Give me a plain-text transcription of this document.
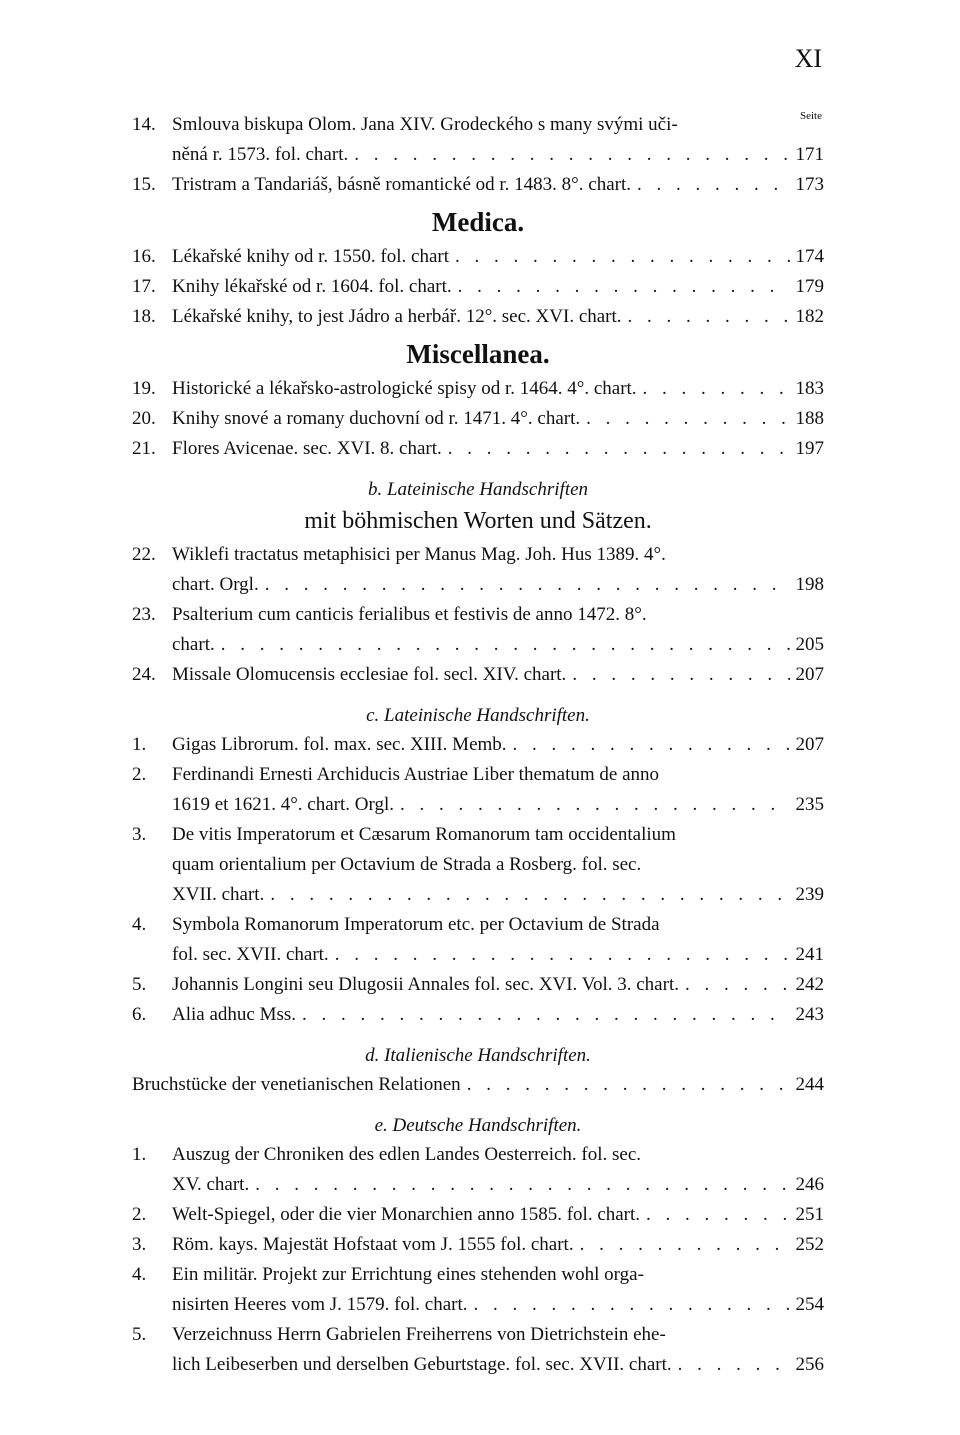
XI
Seite
14. Smlouva biskupa Olom. Jana XIV. Grodeckého s many svými uči-
něná r. 1573. fol. chart. . . .	171
15. Tristram a Tandariáš, básně romantické od r. 1483. 8°. chart. . . .	173
Medica.
16. Lékařské knihy od r. 1550. fol. chart . . .	174
17. Knihy lékařské od r. 1604. fol. chart. . . .	179
18. Lékařské knihy, to jest Jádro a herbář. 12°. sec. XVI. chart. . . .	182
Miscellanea.
19. Historické a lékařsko-astrologické spisy od r. 1464. 4°. chart. . . .	183
20. Knihy snové a romany duchovní od r. 1471. 4°. chart. . . .	188
21. Flores Avicenae. sec. XVI. 8. chart. . . .	197
b. Lateinische Handschriften
mit böhmischen Worten und Sätzen.
22. Wiklefi tractatus metaphisici per Manus Mag. Joh. Hus 1389. 4°.
chart. Orgl. . . .	198
23. Psalterium cum canticis ferialibus et festivis de anno 1472. 8°.
chart. . . .	205
24. Missale Olomucensis ecclesiae fol. secl. XIV. chart. . . .	207
c. Lateinische Handschriften.
1. Gigas Librorum. fol. max. sec. XIII. Memb. . . .	207
2. Ferdinandi Ernesti Archiducis Austriae Liber thematum de anno
1619 et 1621. 4°. chart. Orgl. . . .	235
3. De vitis Imperatorum et Cæsarum Romanorum tam occidentalium
quam orientalium per Octavium de Strada a Rosberg. fol. sec.
XVII. chart. . . .	239
4. Symbola Romanorum Imperatorum etc. per Octavium de Strada
fol. sec. XVII. chart. . . .	241
5. Johannis Longini seu Dlugosii Annales fol. sec. XVI. Vol. 3. chart. . . .	242
6. Alia adhuc Mss. . . .	243
d. Italienische Handschriften.
Bruchstücke der venetianischen Relationen . . .	244
e. Deutsche Handschriften.
1. Auszug der Chroniken des edlen Landes Oesterreich. fol. sec.
XV. chart. . . .	246
2. Welt-Spiegel, oder die vier Monarchien anno 1585. fol. chart. . . .	251
3. Röm. kays. Majestät Hofstaat vom J. 1555 fol. chart. . . .	252
4. Ein militär. Projekt zur Errichtung eines stehenden wohl orga-
nisirten Heeres vom J. 1579. fol. chart. . . .	254
5. Verzeichnuss Herrn Gabrielen Freiherrens von Dietrichstein ehe-
lich Leibeserben und derselben Geburtstage. fol. sec. XVII. chart. . . .	256
